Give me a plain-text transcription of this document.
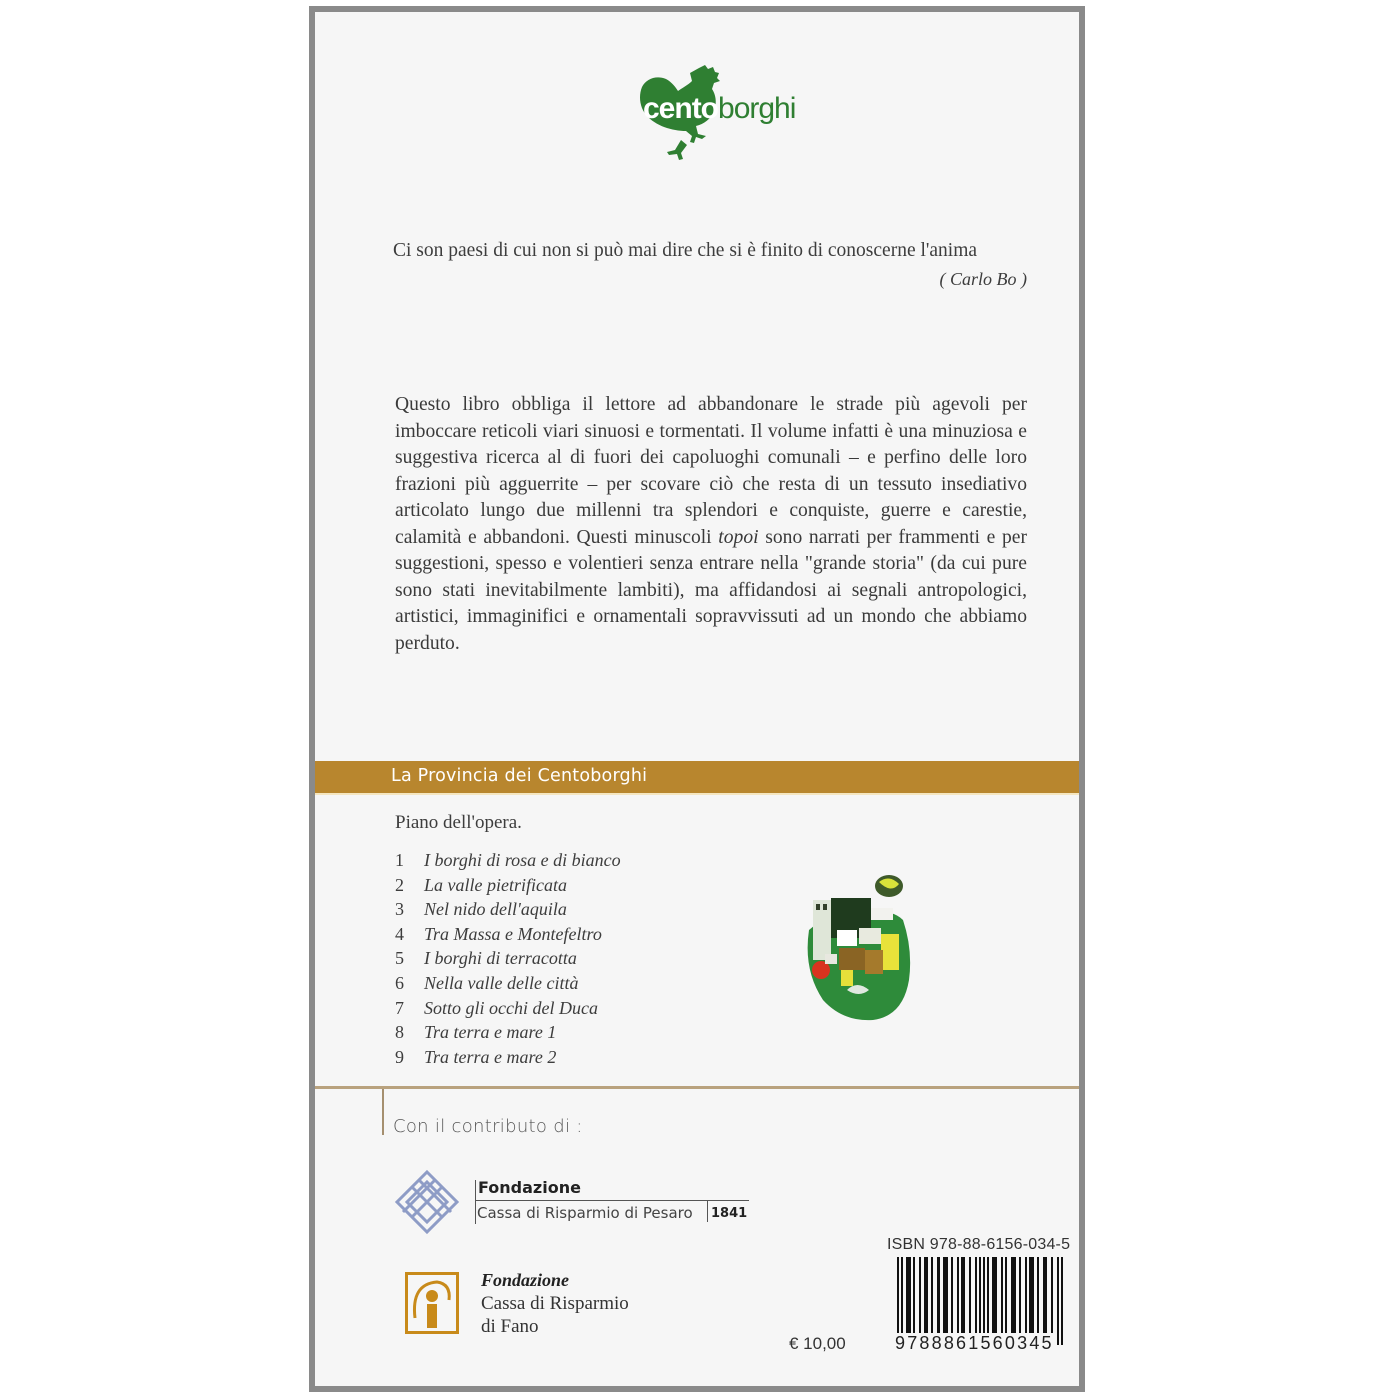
centoborghi
Ci son paesi di cui non si può mai dire che si è finito di conoscerne l'anima
( Carlo Bo )

Questo libro obbliga il lettore ad abbandonare le strade più agevoli per imboccare reticoli viari sinuosi e tormentati. Il volume infatti è una minuziosa e suggestiva ricerca al di fuori dei capoluoghi comunali – e perfino delle loro frazioni più agguerrite – per scovare ciò che resta di un tessuto insediativo articolato lungo due millenni tra splendori e conquiste, guerre e carestie, calamità e abbandoni. Questi minuscoli topoi sono narrati per frammenti e per suggestioni, spesso e volentieri senza entrare nella "grande storia" (da cui pure sono stati inevitabilmente lambiti), ma affidandosi ai segnali antropologici, artistici, immaginifici e ornamentali sopravvissuti ad un mondo che abbiamo perduto.

La Provincia dei Centoborghi
Piano dell'opera.
1	I borghi di rosa e di bianco
2	La valle pietrificata
3	Nel nido dell'aquila
4	Tra Massa e Montefeltro
5	I borghi di terracotta
6	Nella valle delle città
7	Sotto gli occhi del Duca
8	Tra terra e mare 1
9	Tra terra e mare 2
Con il contributo di :
Fondazione
Cassa di Risparmio di Pesaro 1841
Fondazione
Cassa di Risparmio
di Fano
ISBN 978-88-6156-034-5
9788861560345
€ 10,00
